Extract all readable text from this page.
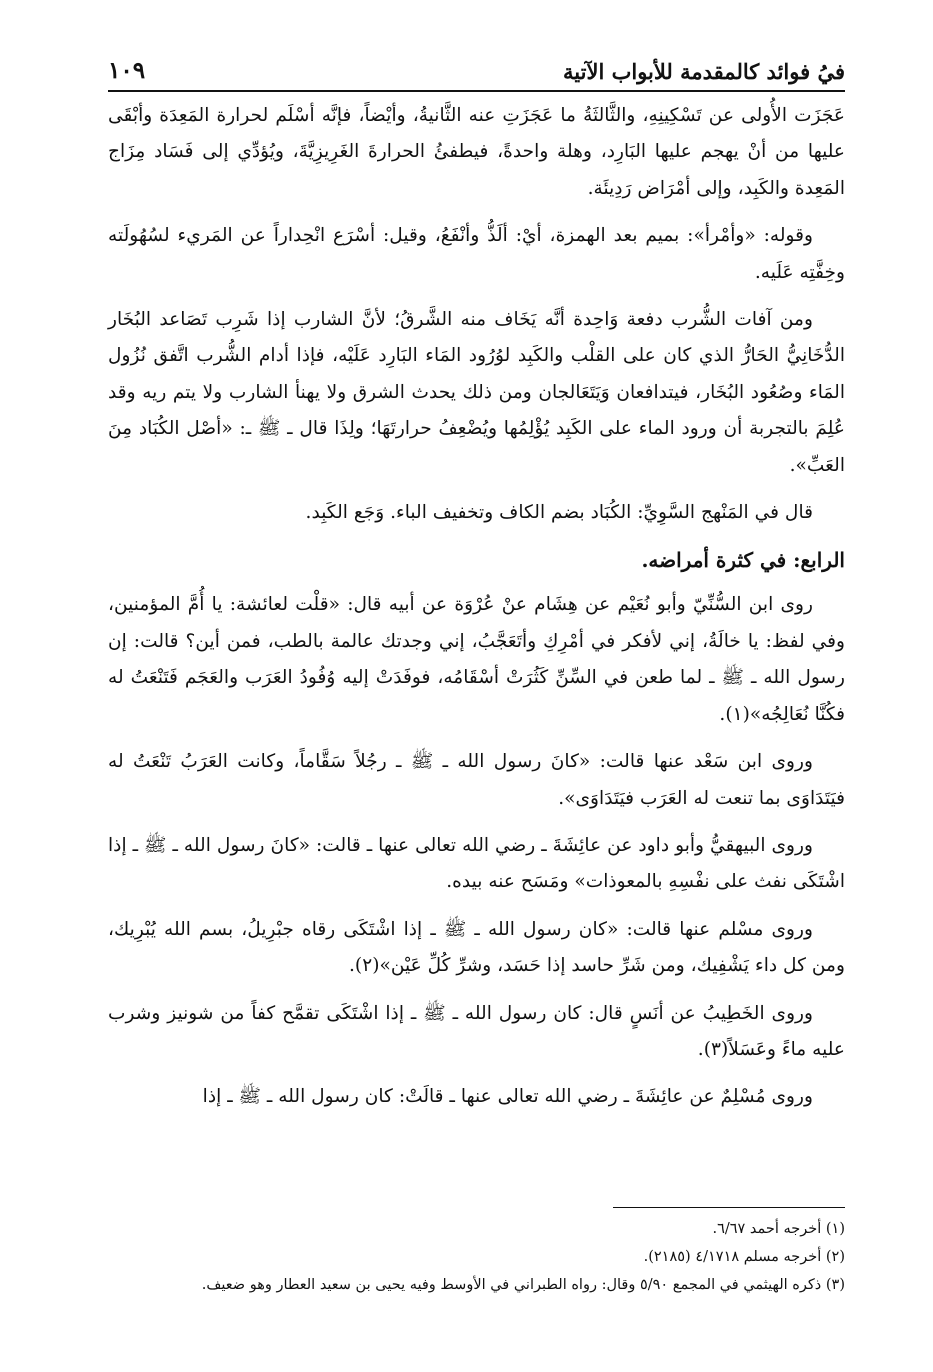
فيُ فوائد كالمقدمة للأبواب الآتية
١٠٩

عَجَزَت الأُولى عن تَسْكِينِهِ، والثَّالثَةُ ما عَجَزَتِ عنه الثَّانيةُ، وأيْضاً، فإنَّه أسْلَم لحرارة المَعِدَة وأبْقَى عليها من أنْ يهجم عليها البَارِد، وهلة واحدةً، فيطفئُ الحرارةَ الغَرِيزِيَّةَ، ويُؤدِّي إلى فَسَاد مِزَاج المَعِدة والكَبِد، وإلى أمْرَاض رَدِيئَة.

وقوله: «وأمْرأ»: بميم بعد الهمزة، أيْ: ألَذُّ وأنْفَعُ، وقيل: أسْرَع انْحِداراً عن المَريء لسُهُولَته وخِفَّتِه عَلَيه.

ومن آفات الشُّرب دفعة وَاحِدة أنَّه يَخَاف منه الشَّرقُ؛ لأنَّ الشارب إذا شَرِب تَصَاعد البُخَار الدُّخَانِيُّ الحَارُّ الذي كان على القلْب والكَبِد لوُرُود المَاء البَارِد عَلَيْه، فإذا أدام الشُّرب اتَّفق نُزُول المَاء وصُعُود البُخَار، فيتدافعان وَيَتَعَالجان ومن ذلك يحدث الشرق ولا يهنأ الشارب ولا يتم ريه وقد عُلِمَ بالتجربة أن ورود الماء على الكَبِد يُؤْلِمُها ويُضْعِفُ حرارتَهَا؛ ولِذَا قال ـ ﷺ ـ: «أصْل الكُبَاد مِنَ العَبِّ».

قال في المَنْهج السَّوِيِّ: الكُبَاد بضم الكاف وتخفيف الباء. وَجَع الكَبِد.

الرابع: في كثرة أمراضه.

روى ابن السُّنِّيّ وأبو نُعَيْم عن هِشَام عنْ عُرْوَة عن أبيه قال: «قلْت لعائشة: يا أُمَّ المؤمنين، وفي لفظ: يا خالَةُ، إني لأفكر في أمْرِكِ وأتَعَجَّبُ، إني وجدتك عالمة بالطب، فمن أين؟ قالت: إن رسول الله ـ ﷺ ـ لما طعن في السِّنِّ كَثُرَتْ أسْقَامُه، فوفَدَتْ إليه وُفُودُ العَرَب والعَجَم فَتَنْعَتُ له فكُنَّا نُعَالِجُه»(١).

وروى ابن سَعْد عنها قالت: «كانَ رسول الله ـ ﷺ ـ رجُلاً سَقَّاماً، وكانت العَرَبُ تَنْعَتُ له فيَتَدَاوَى بما تنعت له العَرَب فيَتَدَاوَى».

وروى البيهقيُّ وأبو داود عن عائِشَةَ ـ رضي الله تعالى عنها ـ قالت: «كانَ رسول الله ـ ﷺ ـ إذا اشْتَكَى نفث على نفْسِهِ بالمعوذات» ومَسَح عنه بيده.

وروى مسْلم عنها قالت: «كان رسول الله ـ ﷺ ـ إذا اشْتَكَى رقاه جبْرِيلُ، بسم الله يُبْرِيك، ومن كل داء يَشْفِيك، ومن شَرِّ حاسد إذا حَسَد، وشرِّ كُلِّ عَيْن»(٢).

وروى الخَطِيبُ عن أنَسٍ قال: كان رسول الله ـ ﷺ ـ إذا اشْتَكَى تقمَّح كفاً من شونيز وشرب عليه ماءً وعَسَلاً(٣).

وروى مُسْلِمٌ عن عائِشَةَ ـ رضي الله تعالى عنها ـ قالَتْ: كان رسول الله ـ ﷺ ـ إذا

(١) أخرجه أحمد ٦/٦٧.

(٢) أخرجه مسلم ٤/١٧١٨ (٢١٨٥).

(٣) ذكره الهيثمي في المجمع ٥/٩٠ وقال: رواه الطبراني في الأوسط وفيه يحيى بن سعيد العطار وهو ضعيف.
